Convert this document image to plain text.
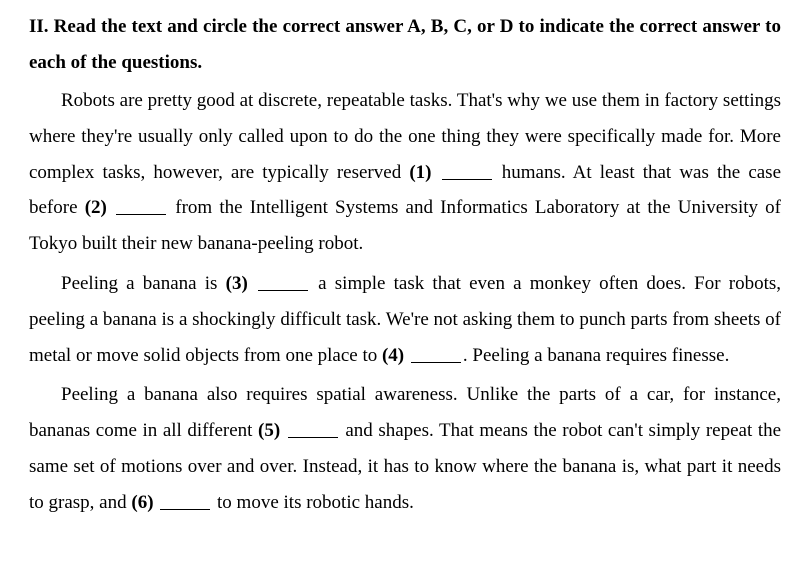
II. Read the text and circle the correct answer A, B, C, or D to indicate the correct answer to each of the questions.

Robots are pretty good at discrete, repeatable tasks. That's why we use them in factory settings where they're usually only called upon to do the one thing they were specifically made for. More complex tasks, however, are typically reserved (1)	humans. At least that was the case before (2)	from the Intelligent Systems and Informatics Laboratory at the University of Tokyo built their new banana-peeling robot.

Peeling a banana is (3)	a simple task that even a monkey often does. For robots, peeling a banana is a shockingly difficult task. We're not asking them to punch parts from sheets of metal or move solid objects from one place to (4)	. Peeling a banana requires finesse.

Peeling a banana also requires spatial awareness. Unlike the parts of a car, for instance, bananas come in all different (5)	and shapes. That means the robot can't simply repeat the same set of motions over and over. Instead, it has to know where the banana is, what part it needs to grasp, and (6)	to move its robotic hands.
